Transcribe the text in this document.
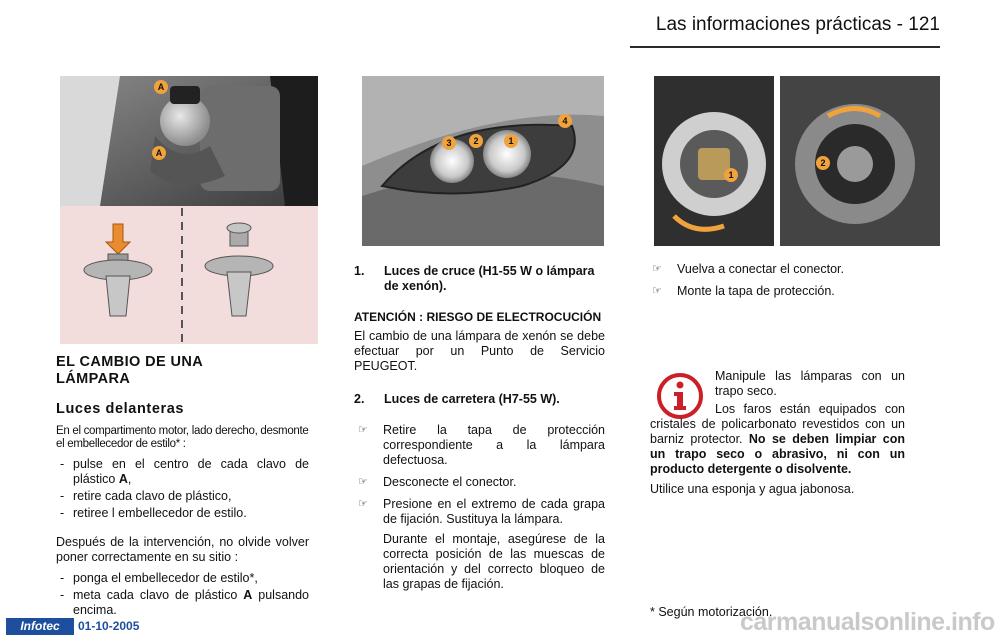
Las informaciones prácticas - 121
A
A
EL CAMBIO DE UNA LÁMPARA
Luces delanteras
En el compartimento motor, lado derecho, desmonte el embellecedor de estilo* :
- pulse en el centro de cada clavo de plástico A,
- retire cada clavo de plástico,
- retiree l embellecedor de estilo.
Después de la intervención, no olvide volver poner correctamente en su sitio :
- ponga el embellecedor de estilo*,
- meta cada clavo de plástico A pulsando encima.
3	2	1
4
1. Luces de cruce (H1-55 W o lámpara de xenón).
ATENCIÓN : RIESGO DE ELECTROCUCIÓN
El cambio de una lámpara de xenón se debe efectuar por un Punto de Servicio PEUGEOT.
2. Luces de carretera (H7-55 W).
☞ Retire la tapa de protección correspondiente a la lámpara defectuosa.
☞ Desconecte el conector.
☞ Presione en el extremo de cada grapa de fijación. Sustituya la lámpara.
Durante el montaje, asegúrese de la correcta posición de las muescas de orientación y del correcto bloqueo de las grapas de fijación.
1
2
☞ Vuelva a conectar el conector.
☞ Monte la tapa de protección.
Manipule las lámparas con un trapo seco.
Los faros están equipados con cristales de policarbonato revestidos con un barniz protector. No se deben limpiar con un trapo seco o abrasivo, ni con un producto detergente o disolvente.
Utilice una esponja y agua jabonosa.
carmanualsonline.info
* Según motorización.
Infotec	01-10-2005
